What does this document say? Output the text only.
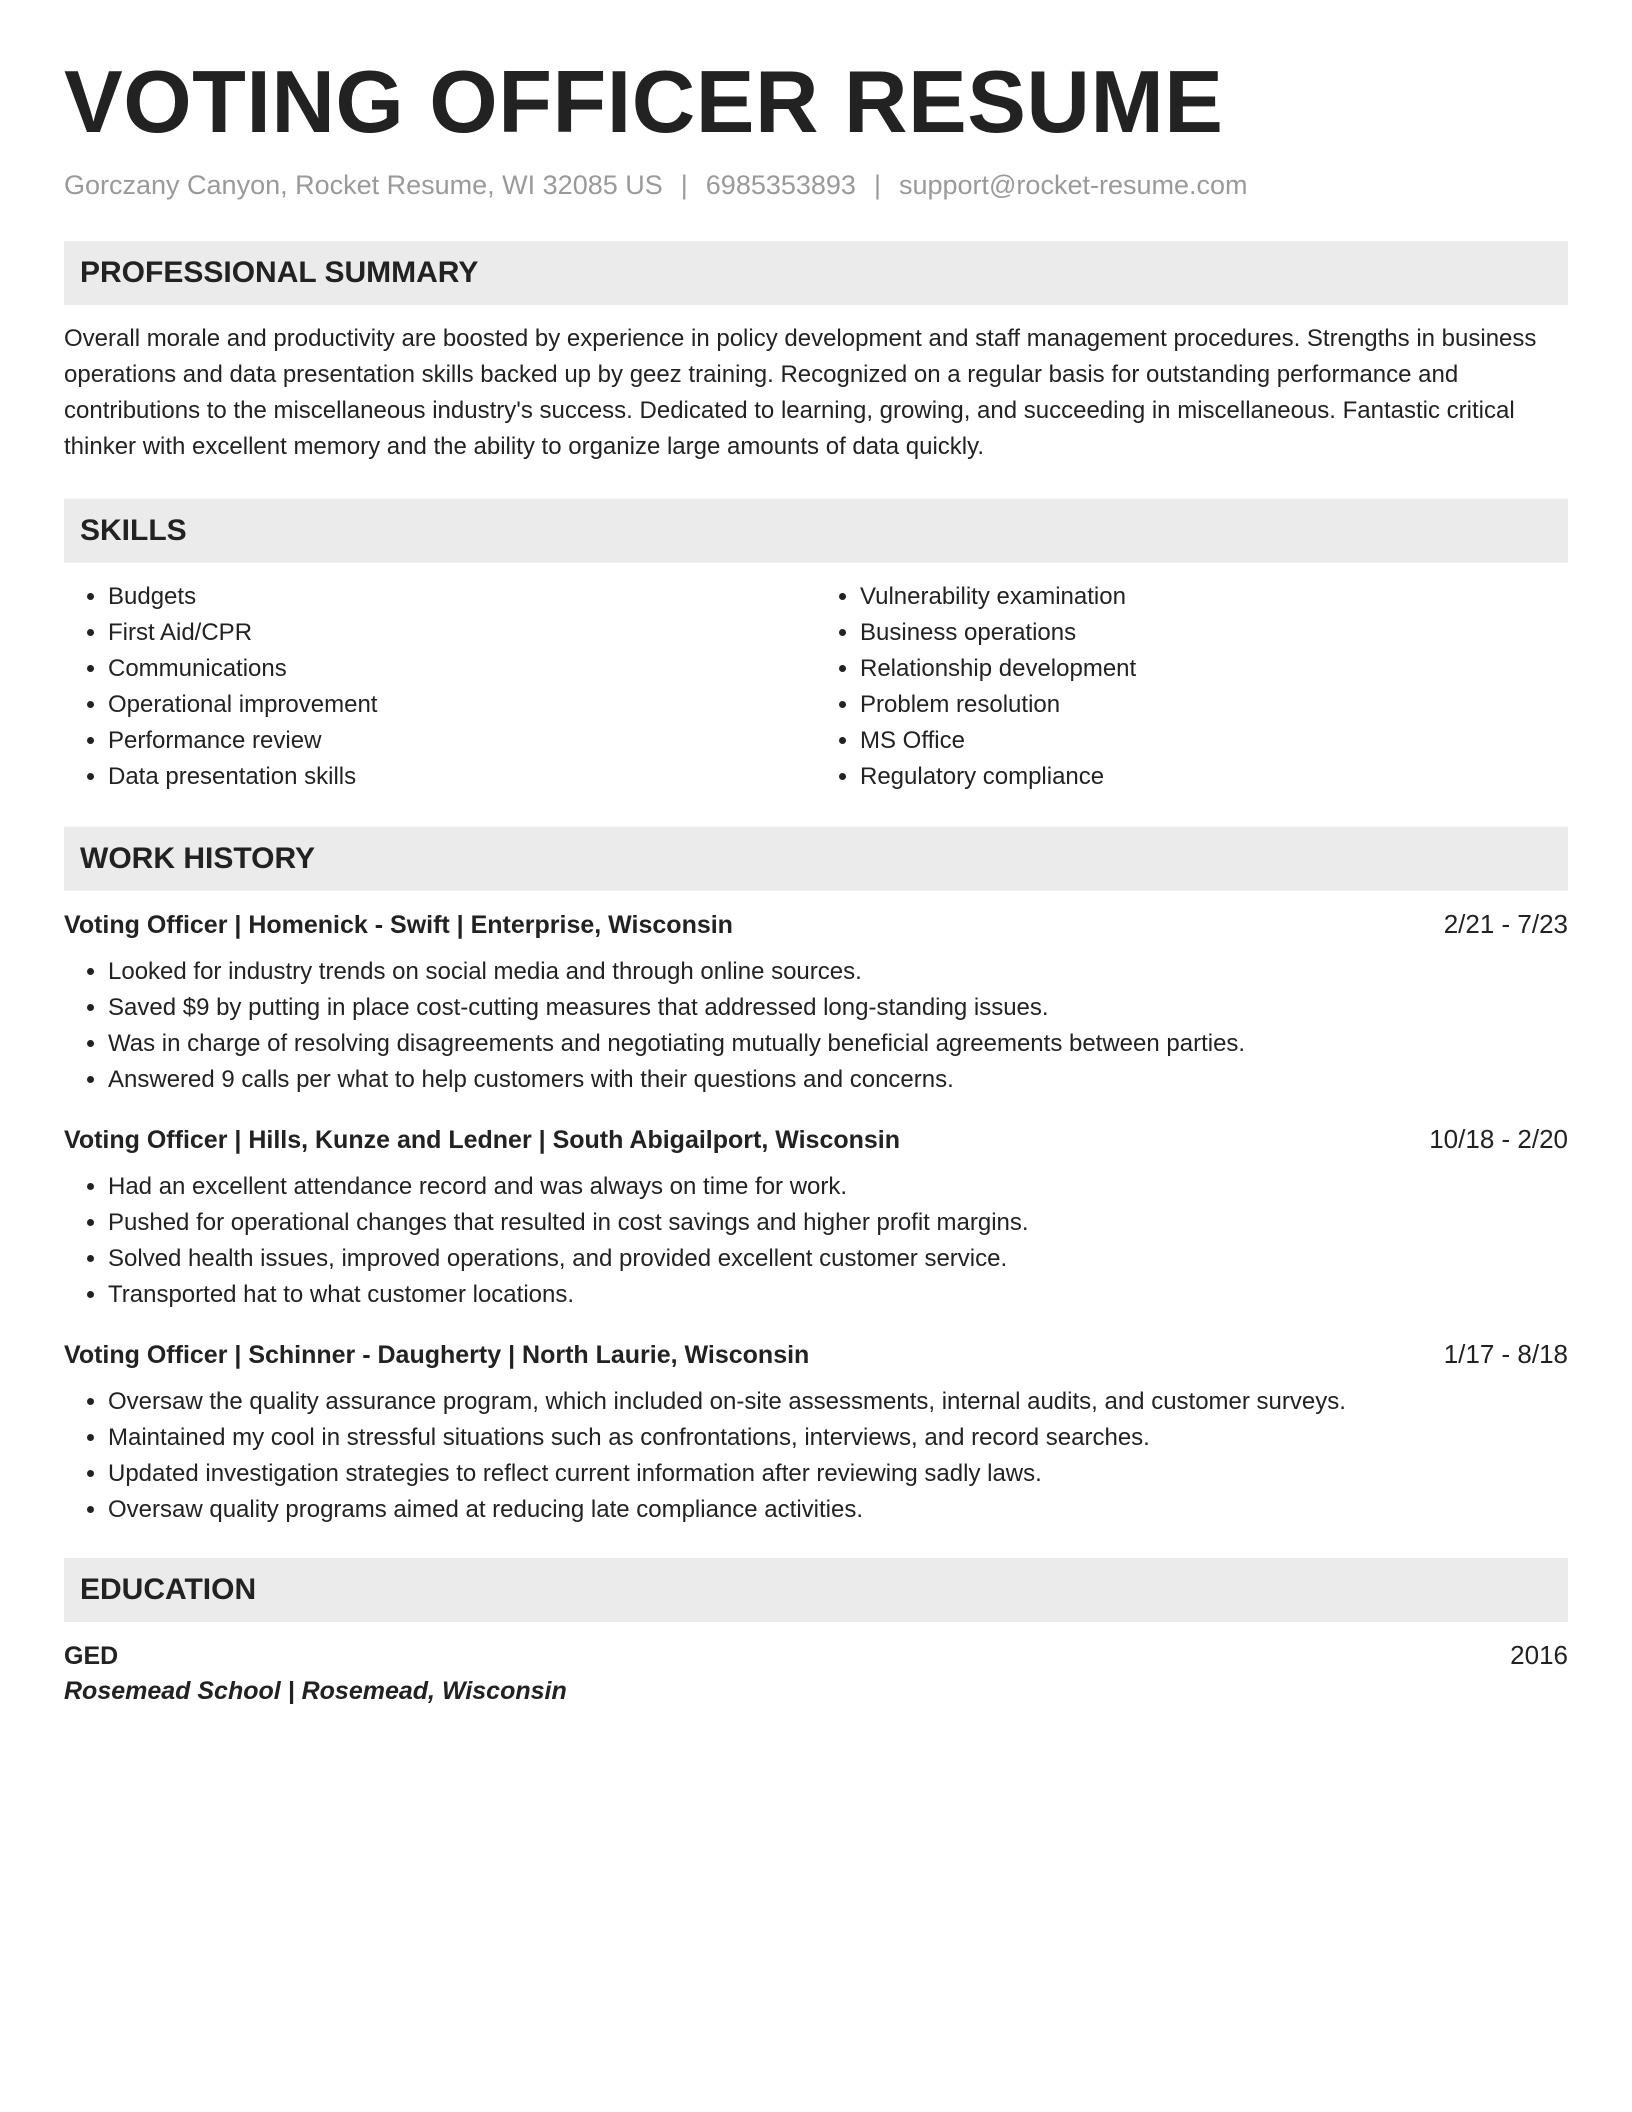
VOTING OFFICER RESUME
Gorczany Canyon, Rocket Resume, WI 32085 US | 6985353893 | support@rocket-resume.com
PROFESSIONAL SUMMARY
Overall morale and productivity are boosted by experience in policy development and staff management procedures. Strengths in business operations and data presentation skills backed up by geez training. Recognized on a regular basis for outstanding performance and contributions to the miscellaneous industry's success. Dedicated to learning, growing, and succeeding in miscellaneous. Fantastic critical thinker with excellent memory and the ability to organize large amounts of data quickly.
SKILLS
• Budgets
• First Aid/CPR
• Communications
• Operational improvement
• Performance review
• Data presentation skills
• Vulnerability examination
• Business operations
• Relationship development
• Problem resolution
• MS Office
• Regulatory compliance
WORK HISTORY
Voting Officer | Homenick - Swift | Enterprise, Wisconsin	2/21 - 7/23
• Looked for industry trends on social media and through online sources.
• Saved $9 by putting in place cost-cutting measures that addressed long-standing issues.
• Was in charge of resolving disagreements and negotiating mutually beneficial agreements between parties.
• Answered 9 calls per what to help customers with their questions and concerns.
Voting Officer | Hills, Kunze and Ledner | South Abigailport, Wisconsin	10/18 - 2/20
• Had an excellent attendance record and was always on time for work.
• Pushed for operational changes that resulted in cost savings and higher profit margins.
• Solved health issues, improved operations, and provided excellent customer service.
• Transported hat to what customer locations.
Voting Officer | Schinner - Daugherty | North Laurie, Wisconsin	1/17 - 8/18
• Oversaw the quality assurance program, which included on-site assessments, internal audits, and customer surveys.
• Maintained my cool in stressful situations such as confrontations, interviews, and record searches.
• Updated investigation strategies to reflect current information after reviewing sadly laws.
• Oversaw quality programs aimed at reducing late compliance activities.
EDUCATION
GED	2016
Rosemead School | Rosemead, Wisconsin
